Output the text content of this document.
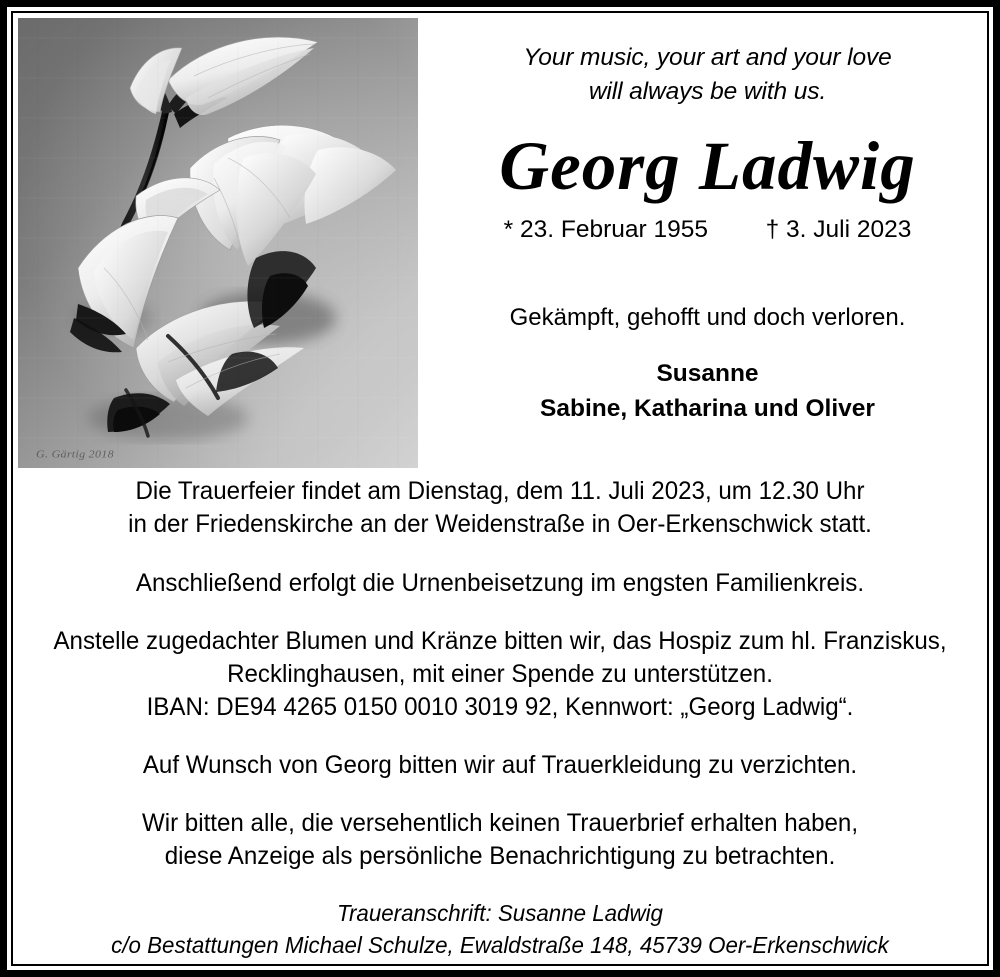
G. Gärtig 2018
Your music, your art and your love
will always be with us.
Georg Ladwig
* 23. Februar 1955 † 3. Juli 2023
Gekämpft, gehofft und doch verloren.
Susanne
Sabine, Katharina und Oliver
Die Trauerfeier findet am Dienstag, dem 11. Juli 2023, um 12.30 Uhr
in der Friedenskirche an der Weidenstraße in Oer-Erkenschwick statt.
Anschließend erfolgt die Urnenbeisetzung im engsten Familienkreis.
Anstelle zugedachter Blumen und Kränze bitten wir, das Hospiz zum hl. Franziskus,
Recklinghausen, mit einer Spende zu unterstützen.
IBAN: DE94 4265 0150 0010 3019 92, Kennwort: „Georg Ladwig“.
Auf Wunsch von Georg bitten wir auf Trauerkleidung zu verzichten.
Wir bitten alle, die versehentlich keinen Trauerbrief erhalten haben,
diese Anzeige als persönliche Benachrichtigung zu betrachten.
Traueranschrift: Susanne Ladwig
c/o Bestattungen Michael Schulze, Ewaldstraße 148, 45739 Oer-Erkenschwick
